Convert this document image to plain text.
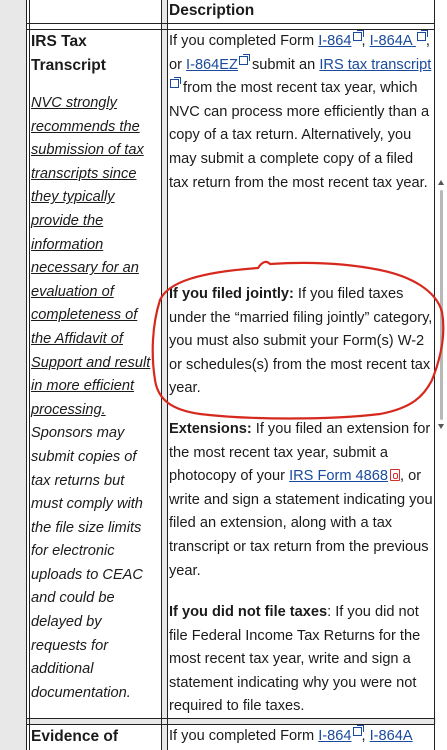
Description
IRS Tax Transcript
NVC strongly recommends the submission of tax transcripts since they typically provide the information necessary for an evaluation of completeness of the Affidavit of Support and result in more efficient processing. Sponsors may submit copies of tax returns but must comply with the file size limits for electronic uploads to CEAC and could be delayed by requests for additional documentation.

If you completed Form I-864 , I-864A , or I-864EZ submit an IRS tax transcript from the most recent tax year, which NVC can process more efficiently than a copy of a tax return. Alternatively, you may submit a complete copy of a filed tax return from the most recent tax year.

If you filed jointly: If you filed taxes under the “married filing jointly” category, you must also submit your Form(s) W-2 or schedules(s) from the most recent tax year.
Extensions: If you filed an extension for the most recent tax year, submit a photocopy of your IRS Form 4868 , or write and sign a statement indicating you filed an extension, along with a tax transcript or tax return from the previous year.
If you did not file taxes: If you did not file Federal Income Tax Returns for the most recent tax year, write and sign a statement indicating why you were not required to file taxes.
Evidence of	If you completed Form I-864 , I-864A
